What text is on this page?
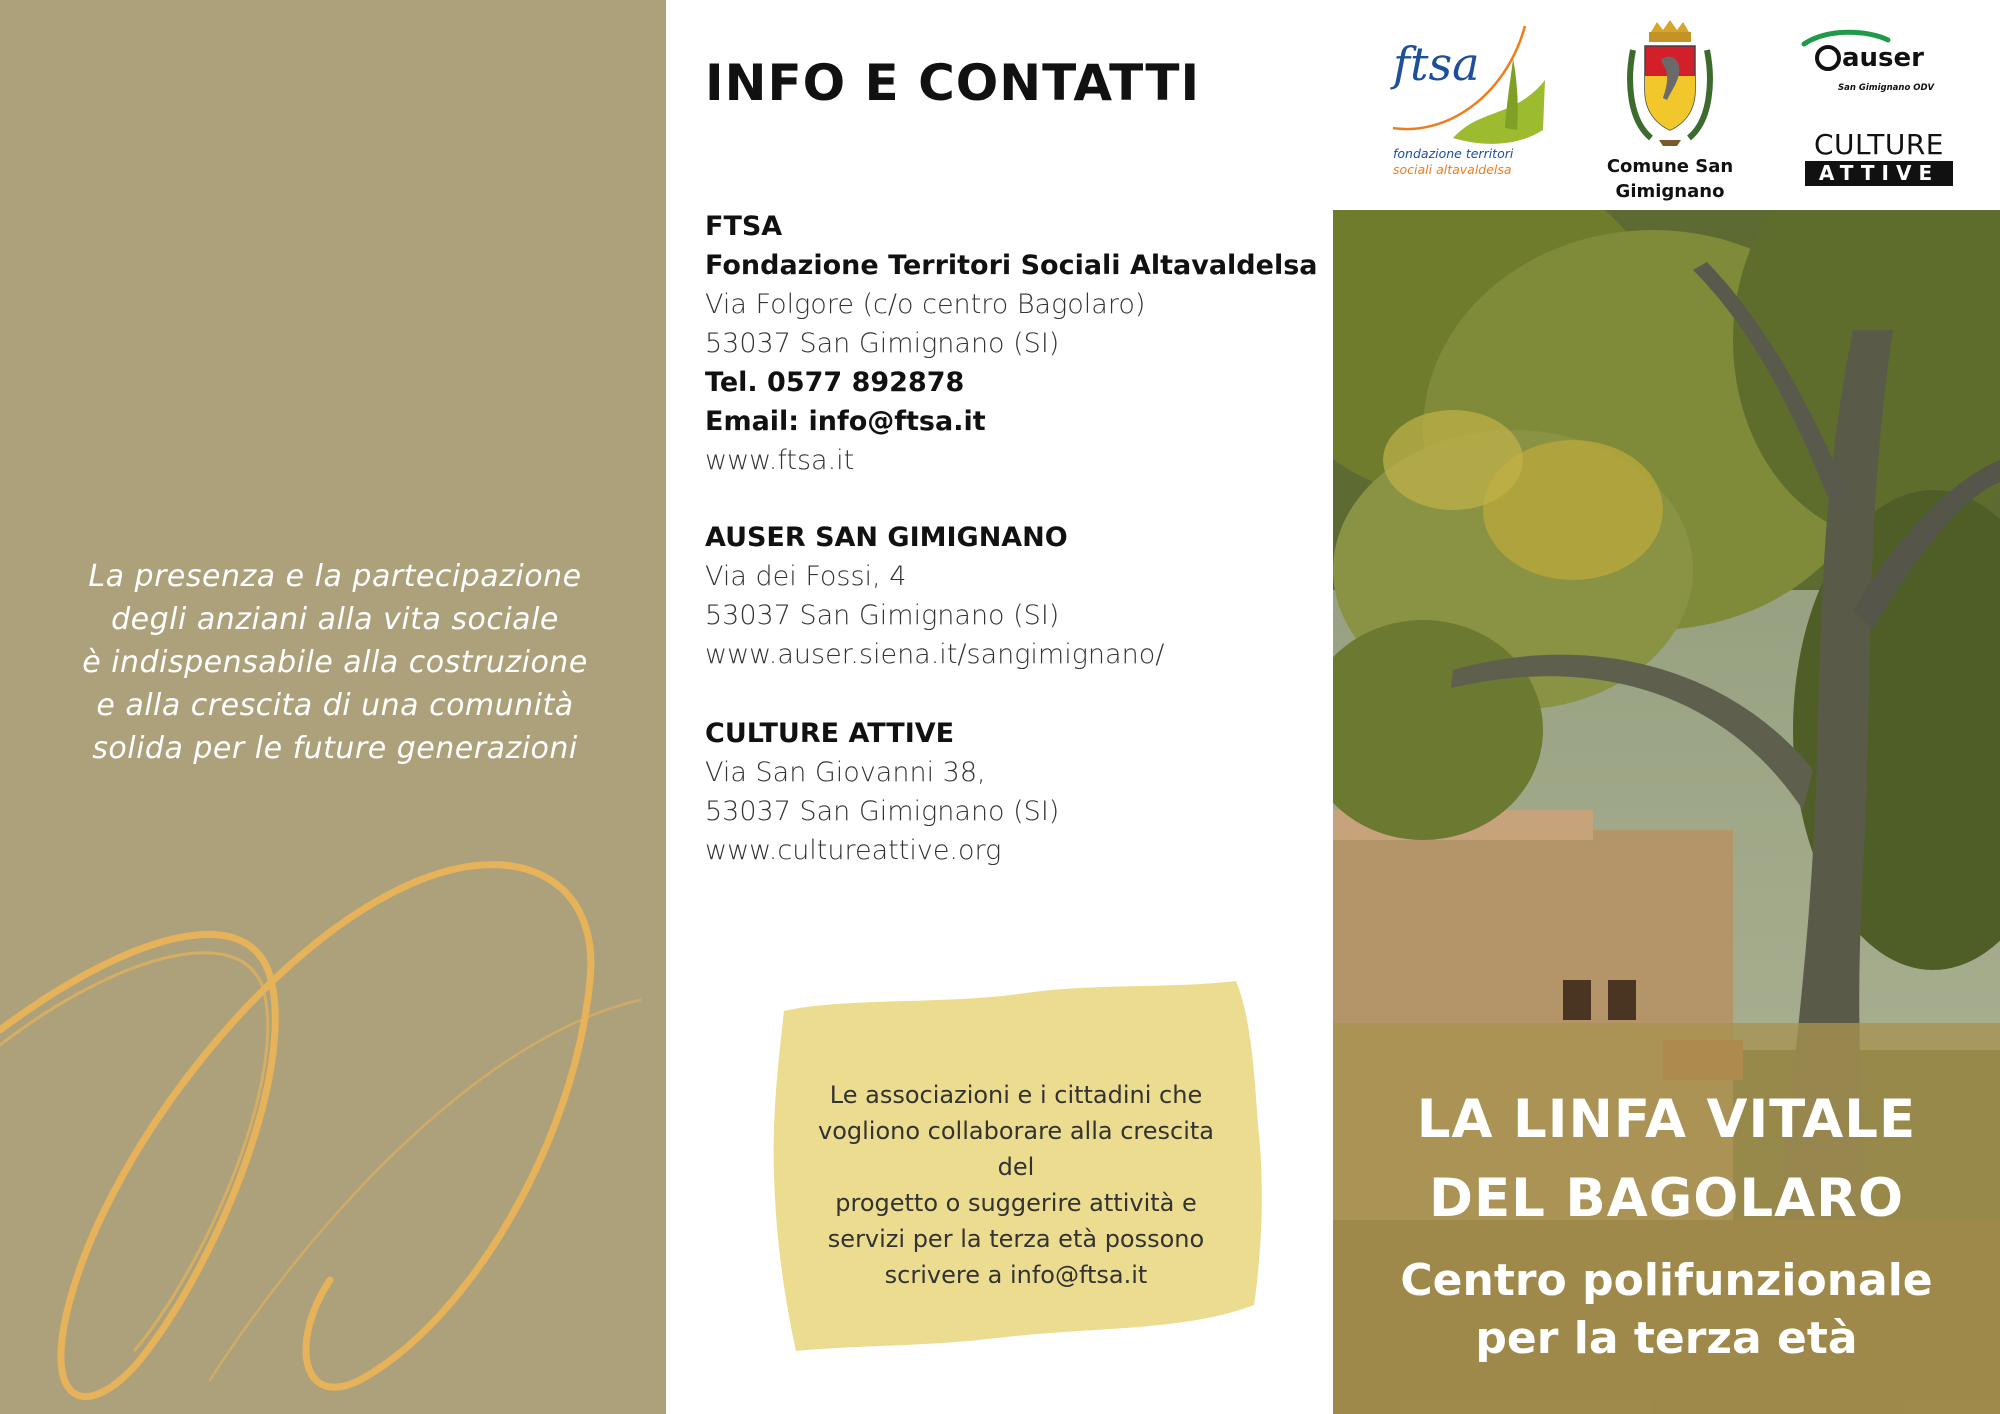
La presenza e la partecipazione
degli anziani alla vita sociale
è indispensabile alla costruzione
e alla crescita di una comunità
solida per le future generazioni
INFO E CONTATTI
FTSA
Fondazione Territori Sociali Altavaldelsa
Via Folgore (c/o centro Bagolaro)
53037 San Gimignano (SI)
Tel. 0577 892878
Email: info@ftsa.it
www.ftsa.it
AUSER SAN GIMIGNANO
Via dei Fossi, 4
53037 San Gimignano (SI)
www.auser.siena.it/sangimignano/
CULTURE ATTIVE
Via San Giovanni 38,
53037 San Gimignano (SI)
www.cultureattive.org
Le associazioni e i cittadini che
vogliono collaborare alla crescita del
progetto o suggerire attività e
servizi per la terza età possono
scrivere a info@ftsa.it
ftsa
fondazione territori
sociali altavaldelsa	Comune San
Gimignano
auser
San Gimignano ODV
CULTURE
ATTIVE
LA LINFA VITALE
DEL BAGOLARO
Centro polifunzionale
per la terza età
